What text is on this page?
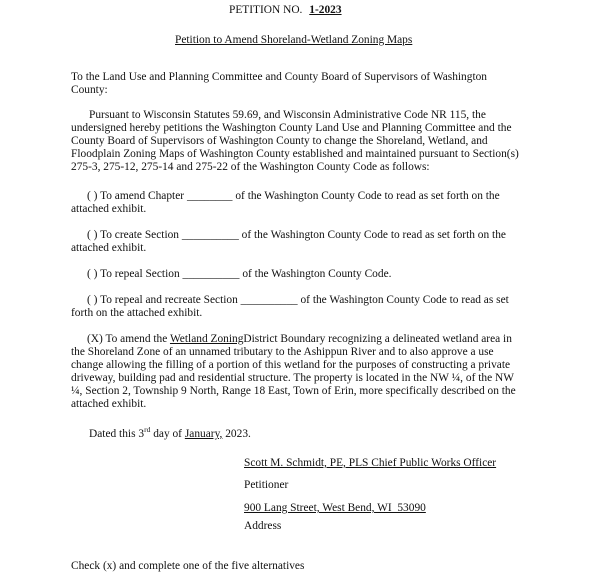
PETITION NO. 1-2023
Petition to Amend Shoreland-Wetland Zoning Maps

To the Land Use and Planning Committee and County Board of Supervisors of Washington County:

Pursuant to Wisconsin Statutes 59.69, and Wisconsin Administrative Code NR 115, the undersigned hereby petitions the Washington County Land Use and Planning Committee and the County Board of Supervisors of Washington County to change the Shoreland, Wetland, and Floodplain Zoning Maps of Washington County established and maintained pursuant to Section(s) 275-3, 275-12, 275-14 and 275-22 of the Washington County Code as follows:

( ) To amend Chapter ________ of the Washington County Code to read as set forth on the attached exhibit.

( ) To create Section __________ of the Washington County Code to read as set forth on the attached exhibit.

( ) To repeal Section __________ of the Washington County Code.

( ) To repeal and recreate Section __________ of the Washington County Code to read as set forth on the attached exhibit.

(X) To amend the Wetland ZoningDistrict Boundary recognizing a delineated wetland area in the Shoreland Zone of an unnamed tributary to the Ashippun River and to also approve a use change allowing the filling of a portion of this wetland for the purposes of constructing a private driveway, building pad and residential structure. The property is located in the NW ¼, of the NW ¼, Section 2, Township 9 North, Range 18 East, Town of Erin, more specifically described on the attached exhibit.

Dated this 3rd day of January, 2023.

Scott M. Schmidt, PE, PLS Chief Public Works Officer
Petitioner
900 Lang Street, West Bend, WI  53090
Address
Check (x) and complete one of the five alternatives
